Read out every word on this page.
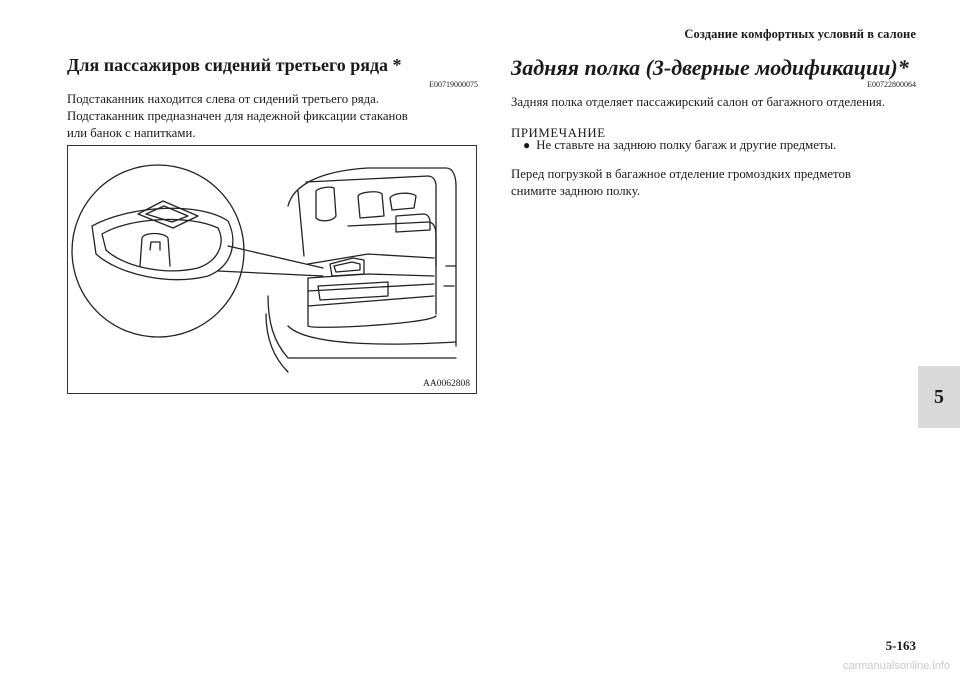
Создание комфортных условий в салоне
Для пассажиров сидений третьего ряда *
E00719000075
Подстаканник находится слева от сидений третьего ряда.
Подстаканник предназначен для надежной фиксации стаканов
или банок с напитками.
AA0062808
Задняя полка (3-дверные модификации)*
E00722800064
Задняя полка отделяет пассажирский салон от багажного отделения.
ПРИМЕЧАНИЕ
● Не ставьте на заднюю полку багаж и другие предметы.
Перед погрузкой в багажное отделение громоздких предметов
снимите заднюю полку.
5
5-163
carmanualsonline.info
